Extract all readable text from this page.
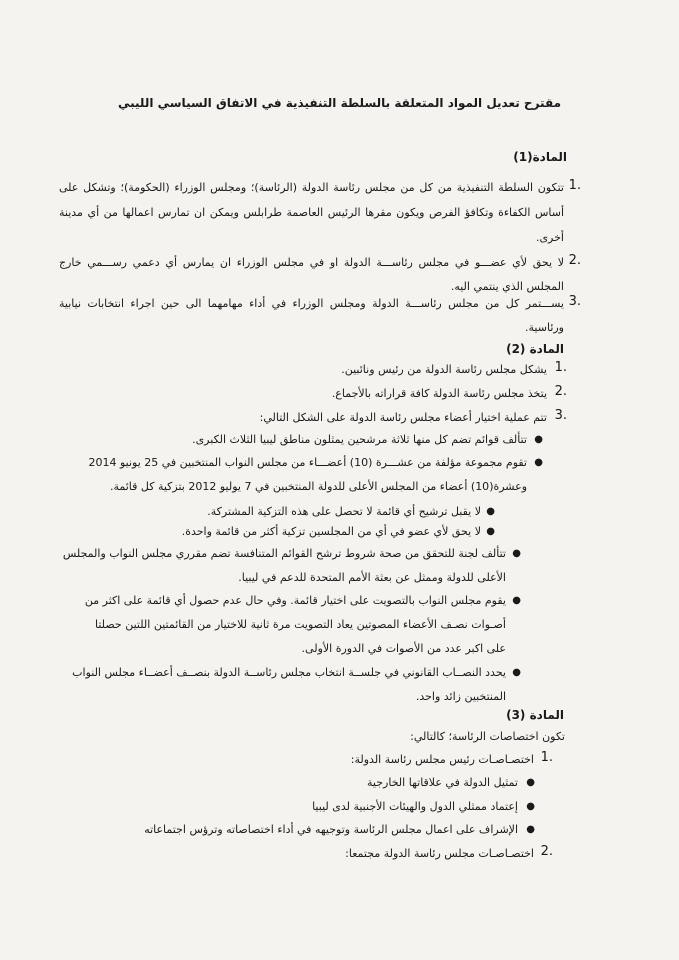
مقترح تعديل المواد المتعلقة بالسلطة التنفيذية في الاتفاق السياسي الليبي
المادة(1)
1.
تتكون السلطة التنفيذية من كل من مجلس رئاسة الدولة (الرئاسة)؛ ومجلس الوزراء (الحكومة)؛ وتشكل على
أساس الكفاءة وتكافؤ الفرص ويكون مقرها الرئيس العاصمة طرابلس ويمكن ان تمارس اعمالها من أي مدينة
أخرى.
2.
لا يحق لأي عضـــو في مجلس رئاســـة الدولة او في مجلس الوزراء ان يمارس أي دعمي رســـمي خارج
المجلس الذي ينتمي اليه.
3.
يســـتمر كل من مجلس رئاســـة الدولة ومجلس الوزراء في أداء مهامهما الى حين اجراء انتخابات نيابية
ورئاسية.
المادة (2)
1.
يشكل مجلس رئاسة الدولة من رئيس ونائبين.
2.
يتخذ مجلس رئاسة الدولة كافة قراراته بالأجماع.
3.
تتم عملية اختيار أعضاء مجلس رئاسة الدولة على الشكل التالي:
●
تتألف قوائم تضم كل منها ثلاثة مرشحين يمثلون مناطق ليبيا الثلاث الكبرى.
●
تقوم مجموعة مؤلفة من عشـــرة (10) أعضـــاء من مجلس النواب المنتخبين في 25 يونيو 2014
وعشرة(10) أعضاء من المجلس الأعلى للدولة المنتخبين في 7 يوليو 2012 بتزكية كل قائمة.
●
لا يقبل ترشيح أي قائمة لا تحصل على هذه التزكية المشتركة.
●
لا يحق لأي عضو في أي من المجلسين تزكية أكثر من قائمة واحدة.
●
تتألف لجنة للتحقق من صحة شروط ترشح القوائم المتنافسة تضم مقرري مجلس النواب والمجلس
الأعلى للدولة وممثل عن بعثة الأمم المتحدة للدعم في ليبيا.
●
يقوم مجلس النواب بالتصويت على اختيار قائمة. وفي حال عدم حصول أي قائمة على اكثر من
أصـوات نصـف الأعضاء المصوتين يعاد التصويت مرة ثانية للاختيار من القائمتين اللتين حصلتا
على اكبر عدد من الأصوات في الدورة الأولى.
●
يحدد النصــاب القانوني في جلســة انتخاب مجلس رئاســة الدولة بنصــف أعضــاء مجلس النواب
المنتخبين زائد واحد.
المادة (3)
تكون اختصاصات الرئاسة؛ كالتالي:
1.
اختصـاصـات رئيس مجلس رئاسة الدولة:
●
تمثيل الدولة في علاقاتها الخارجية
●
إعتماد ممثلي الدول والهيئات الأجنبية لدى ليبيا
●
الإشراف على اعمال مجلس الرئاسة وتوجيهه في أداء اختصاصاته وترؤس اجتماعاته
2.
اختصـاصـات مجلس رئاسة الدولة مجتمعا:
